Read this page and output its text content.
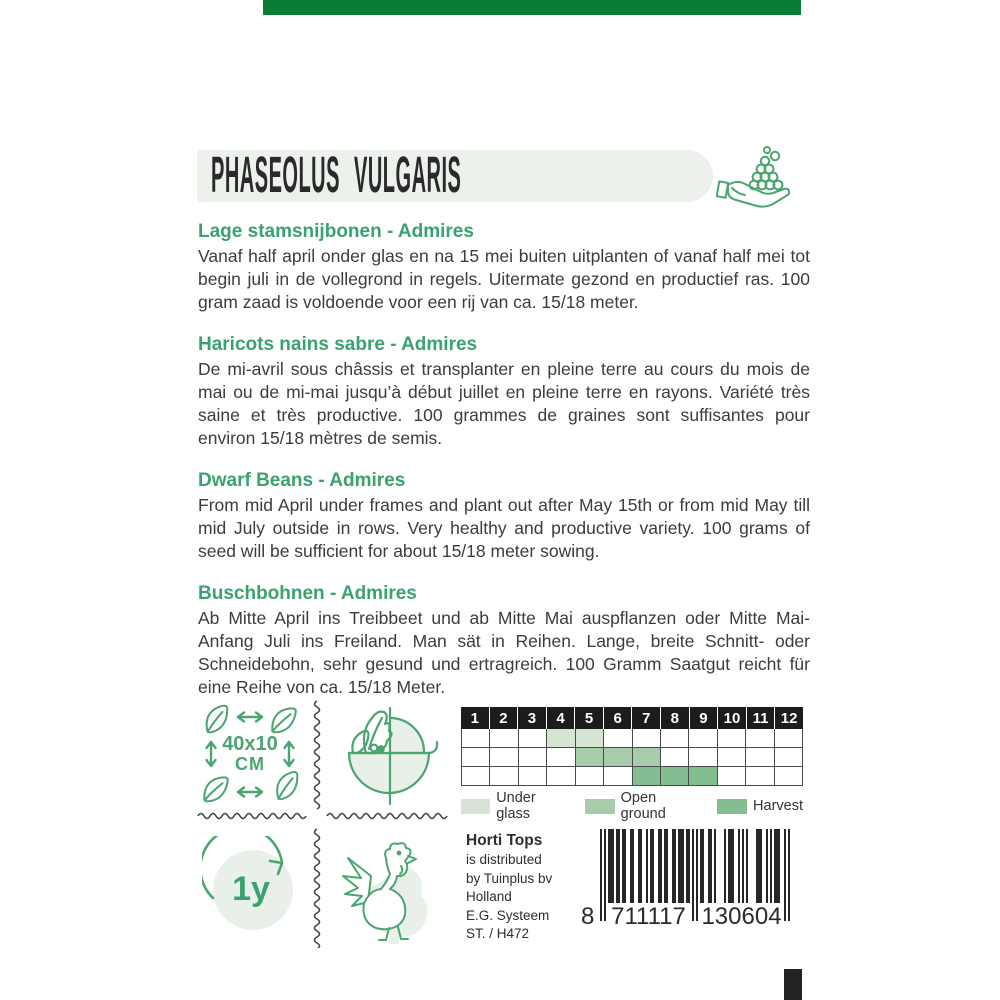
PHASEOLUS VULGARIS
Lage stamsnijbonen - Admires

Vanaf half april onder glas en na 15 mei buiten uitplanten of vanaf half mei tot begin juli in de vollegrond in regels. Uitermate gezond en productief ras. 100 gram zaad is voldoende voor een rij van ca. 15/18 meter.

Haricots nains sabre - Admires

De mi-avril sous châssis et transplanter en pleine terre au cours du mois de mai ou de mi-mai jusqu’à début juillet en pleine terre en rayons. Variété très saine et très productive. 100 grammes de graines sont suffisantes pour environ 15/18 mètres de semis.

Dwarf Beans - Admires

From mid April under frames and plant out after May 15th or from mid May till mid July outside in rows. Very healthy and productive variety. 100 grams of seed will be sufficient for about 15/18 meter sowing.

Buschbohnen - Admires

Ab Mitte April ins Treibbeet und ab Mitte Mai auspflanzen oder Mitte Mai-Anfang Juli ins Freiland. Man sät in Reihen. Lange, breite Schnitt- oder Schneidebohn, sehr gesund und ertragreich. 100 Gramm Saatgut reicht für eine Reihe von ca. 15/18 Meter.

40x10
CM
1y
1	2	3	4	5	6	7	8	9	10 11 12
Under glass
Open ground	Harvest
Horti Tops
is distributed
by Tuinplus bv
Holland
E.G. Systeem
ST. / H472
8 711117 130604
